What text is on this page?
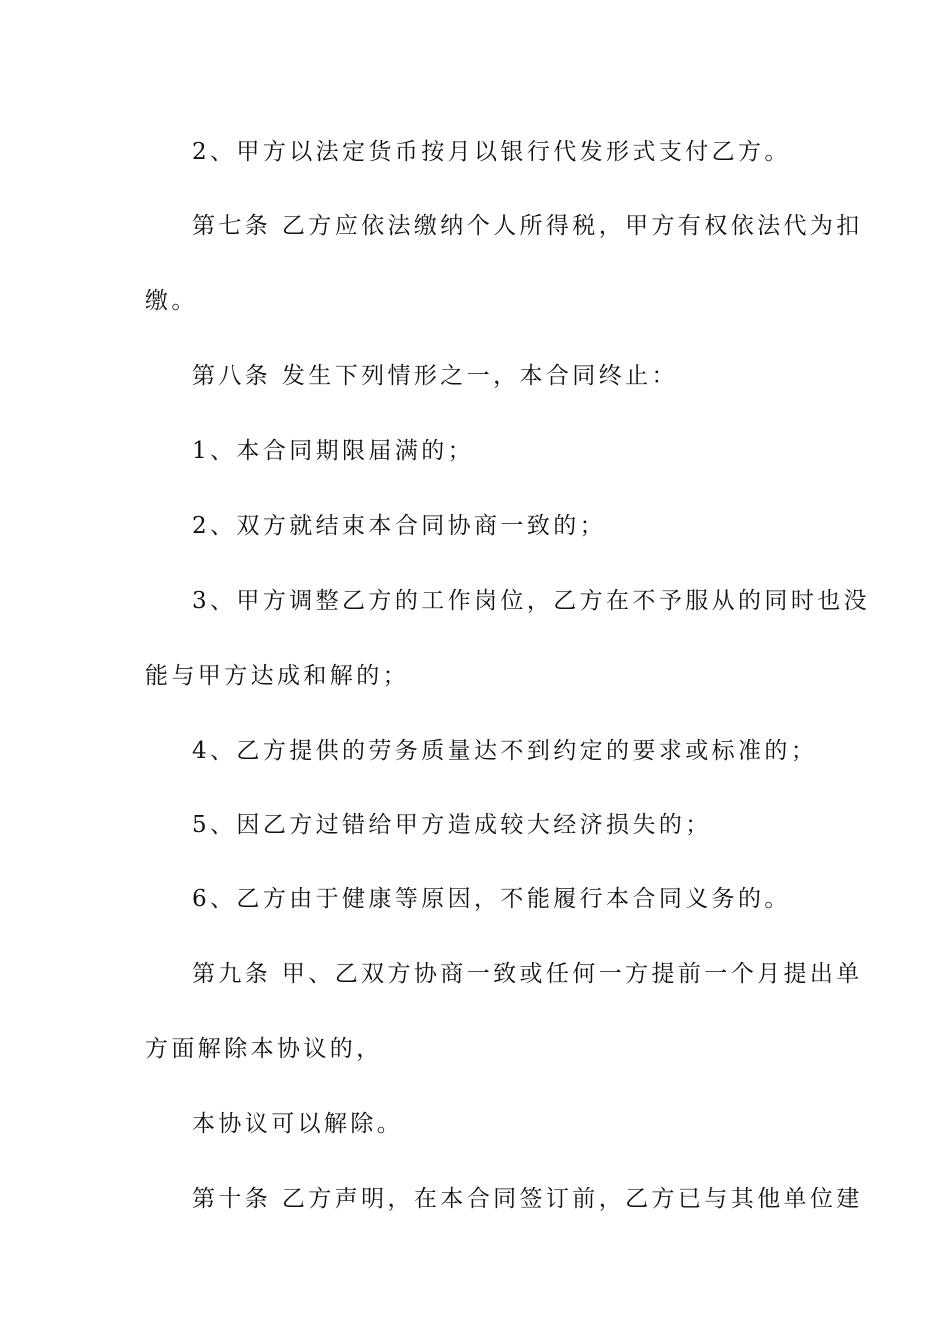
2、甲方以法定货币按月以银行代发形式支付乙方。
第七条 乙方应依法缴纳个人所得税，甲方有权依法代为扣
缴。
第八条 发生下列情形之一，本合同终止：
1、本合同期限届满的；
2、双方就结束本合同协商一致的；
3、甲方调整乙方的工作岗位，乙方在不予服从的同时也没
能与甲方达成和解的；
4、乙方提供的劳务质量达不到约定的要求或标准的；
5、因乙方过错给甲方造成较大经济损失的；
6、乙方由于健康等原因，不能履行本合同义务的。
第九条 甲、乙双方协商一致或任何一方提前一个月提出单
方面解除本协议的，
本协议可以解除。
第十条 乙方声明，在本合同签订前，乙方已与其他单位建
